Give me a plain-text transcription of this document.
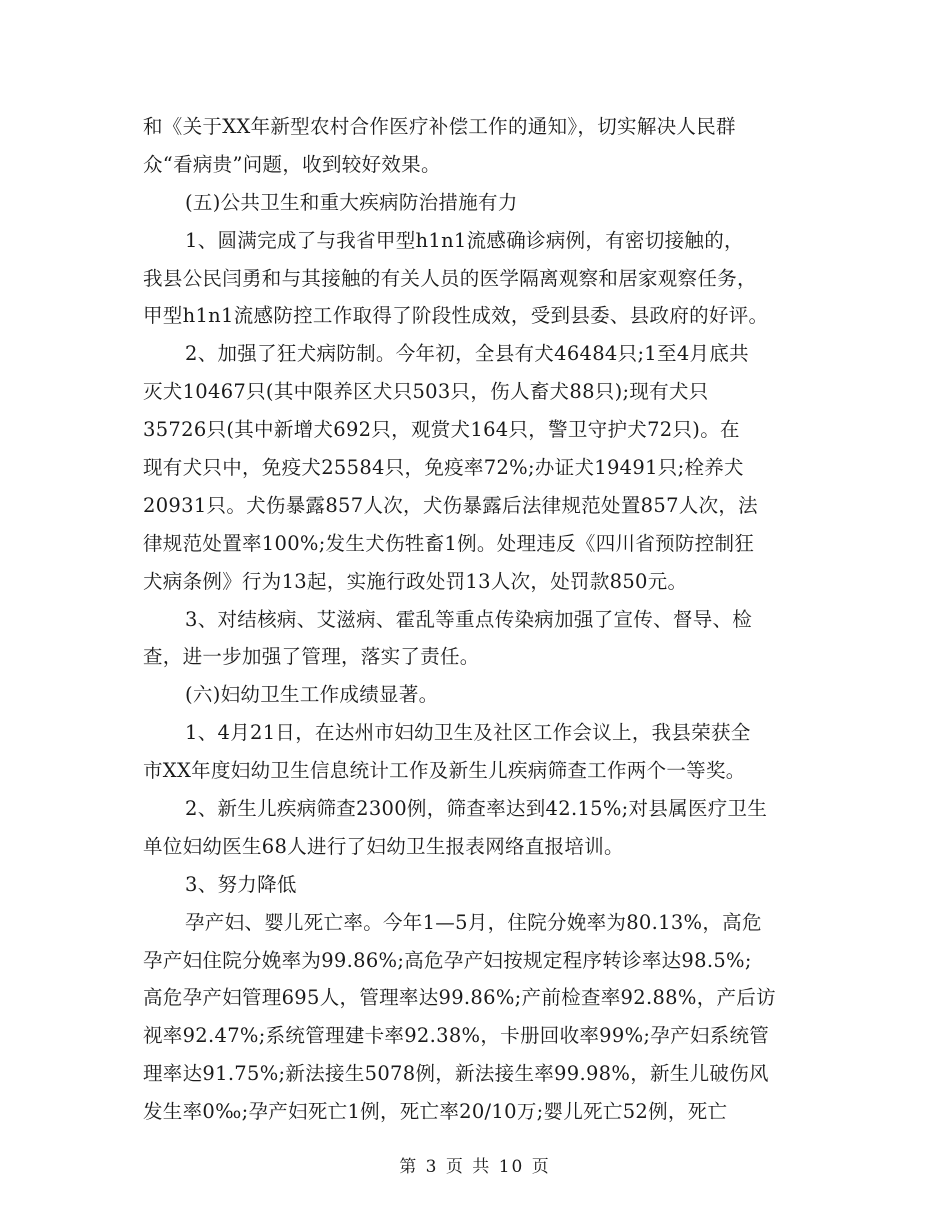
和《关于XX年新型农村合作医疗补偿工作的通知》，切实解决人民群
众“看病贵”问题，收到较好效果。
(五)公共卫生和重大疾病防治措施有力
1、圆满完成了与我省甲型h1n1流感确诊病例，有密切接触的，
我县公民闫勇和与其接触的有关人员的医学隔离观察和居家观察任务，
甲型h1n1流感防控工作取得了阶段性成效，受到县委、县政府的好评。
2、加强了狂犬病防制。今年初，全县有犬46484只;1至4月底共
灭犬10467只(其中限养区犬只503只，伤人畜犬88只);现有犬只
35726只(其中新增犬692只，观赏犬164只，警卫守护犬72只)。在
现有犬只中，免疫犬25584只，免疫率72%;办证犬19491只;栓养犬
20931只。犬伤暴露857人次，犬伤暴露后法律规范处置857人次，法
律规范处置率100%;发生犬伤牲畜1例。处理违反《四川省预防控制狂
犬病条例》行为13起，实施行政处罚13人次，处罚款850元。
3、对结核病、艾滋病、霍乱等重点传染病加强了宣传、督导、检
查，进一步加强了管理，落实了责任。
(六)妇幼卫生工作成绩显著。
1、4月21日，在达州市妇幼卫生及社区工作会议上，我县荣获全
市XX年度妇幼卫生信息统计工作及新生儿疾病筛查工作两个一等奖。
2、新生儿疾病筛查2300例，筛查率达到42.15%;对县属医疗卫生
单位妇幼医生68人进行了妇幼卫生报表网络直报培训。
3、努力降低
孕产妇、婴儿死亡率。今年1—5月，住院分娩率为80.13%，高危
孕产妇住院分娩率为99.86%;高危孕产妇按规定程序转诊率达98.5%;
高危孕产妇管理695人，管理率达99.86%;产前检查率92.88%，产后访
视率92.47%;系统管理建卡率92.38%，卡册回收率99%;孕产妇系统管
理率达91.75%;新法接生5078例，新法接生率99.98%，新生儿破伤风
发生率0‰;孕产妇死亡1例，死亡率20/10万;婴儿死亡52例，死亡
第 3 页 共 10 页
